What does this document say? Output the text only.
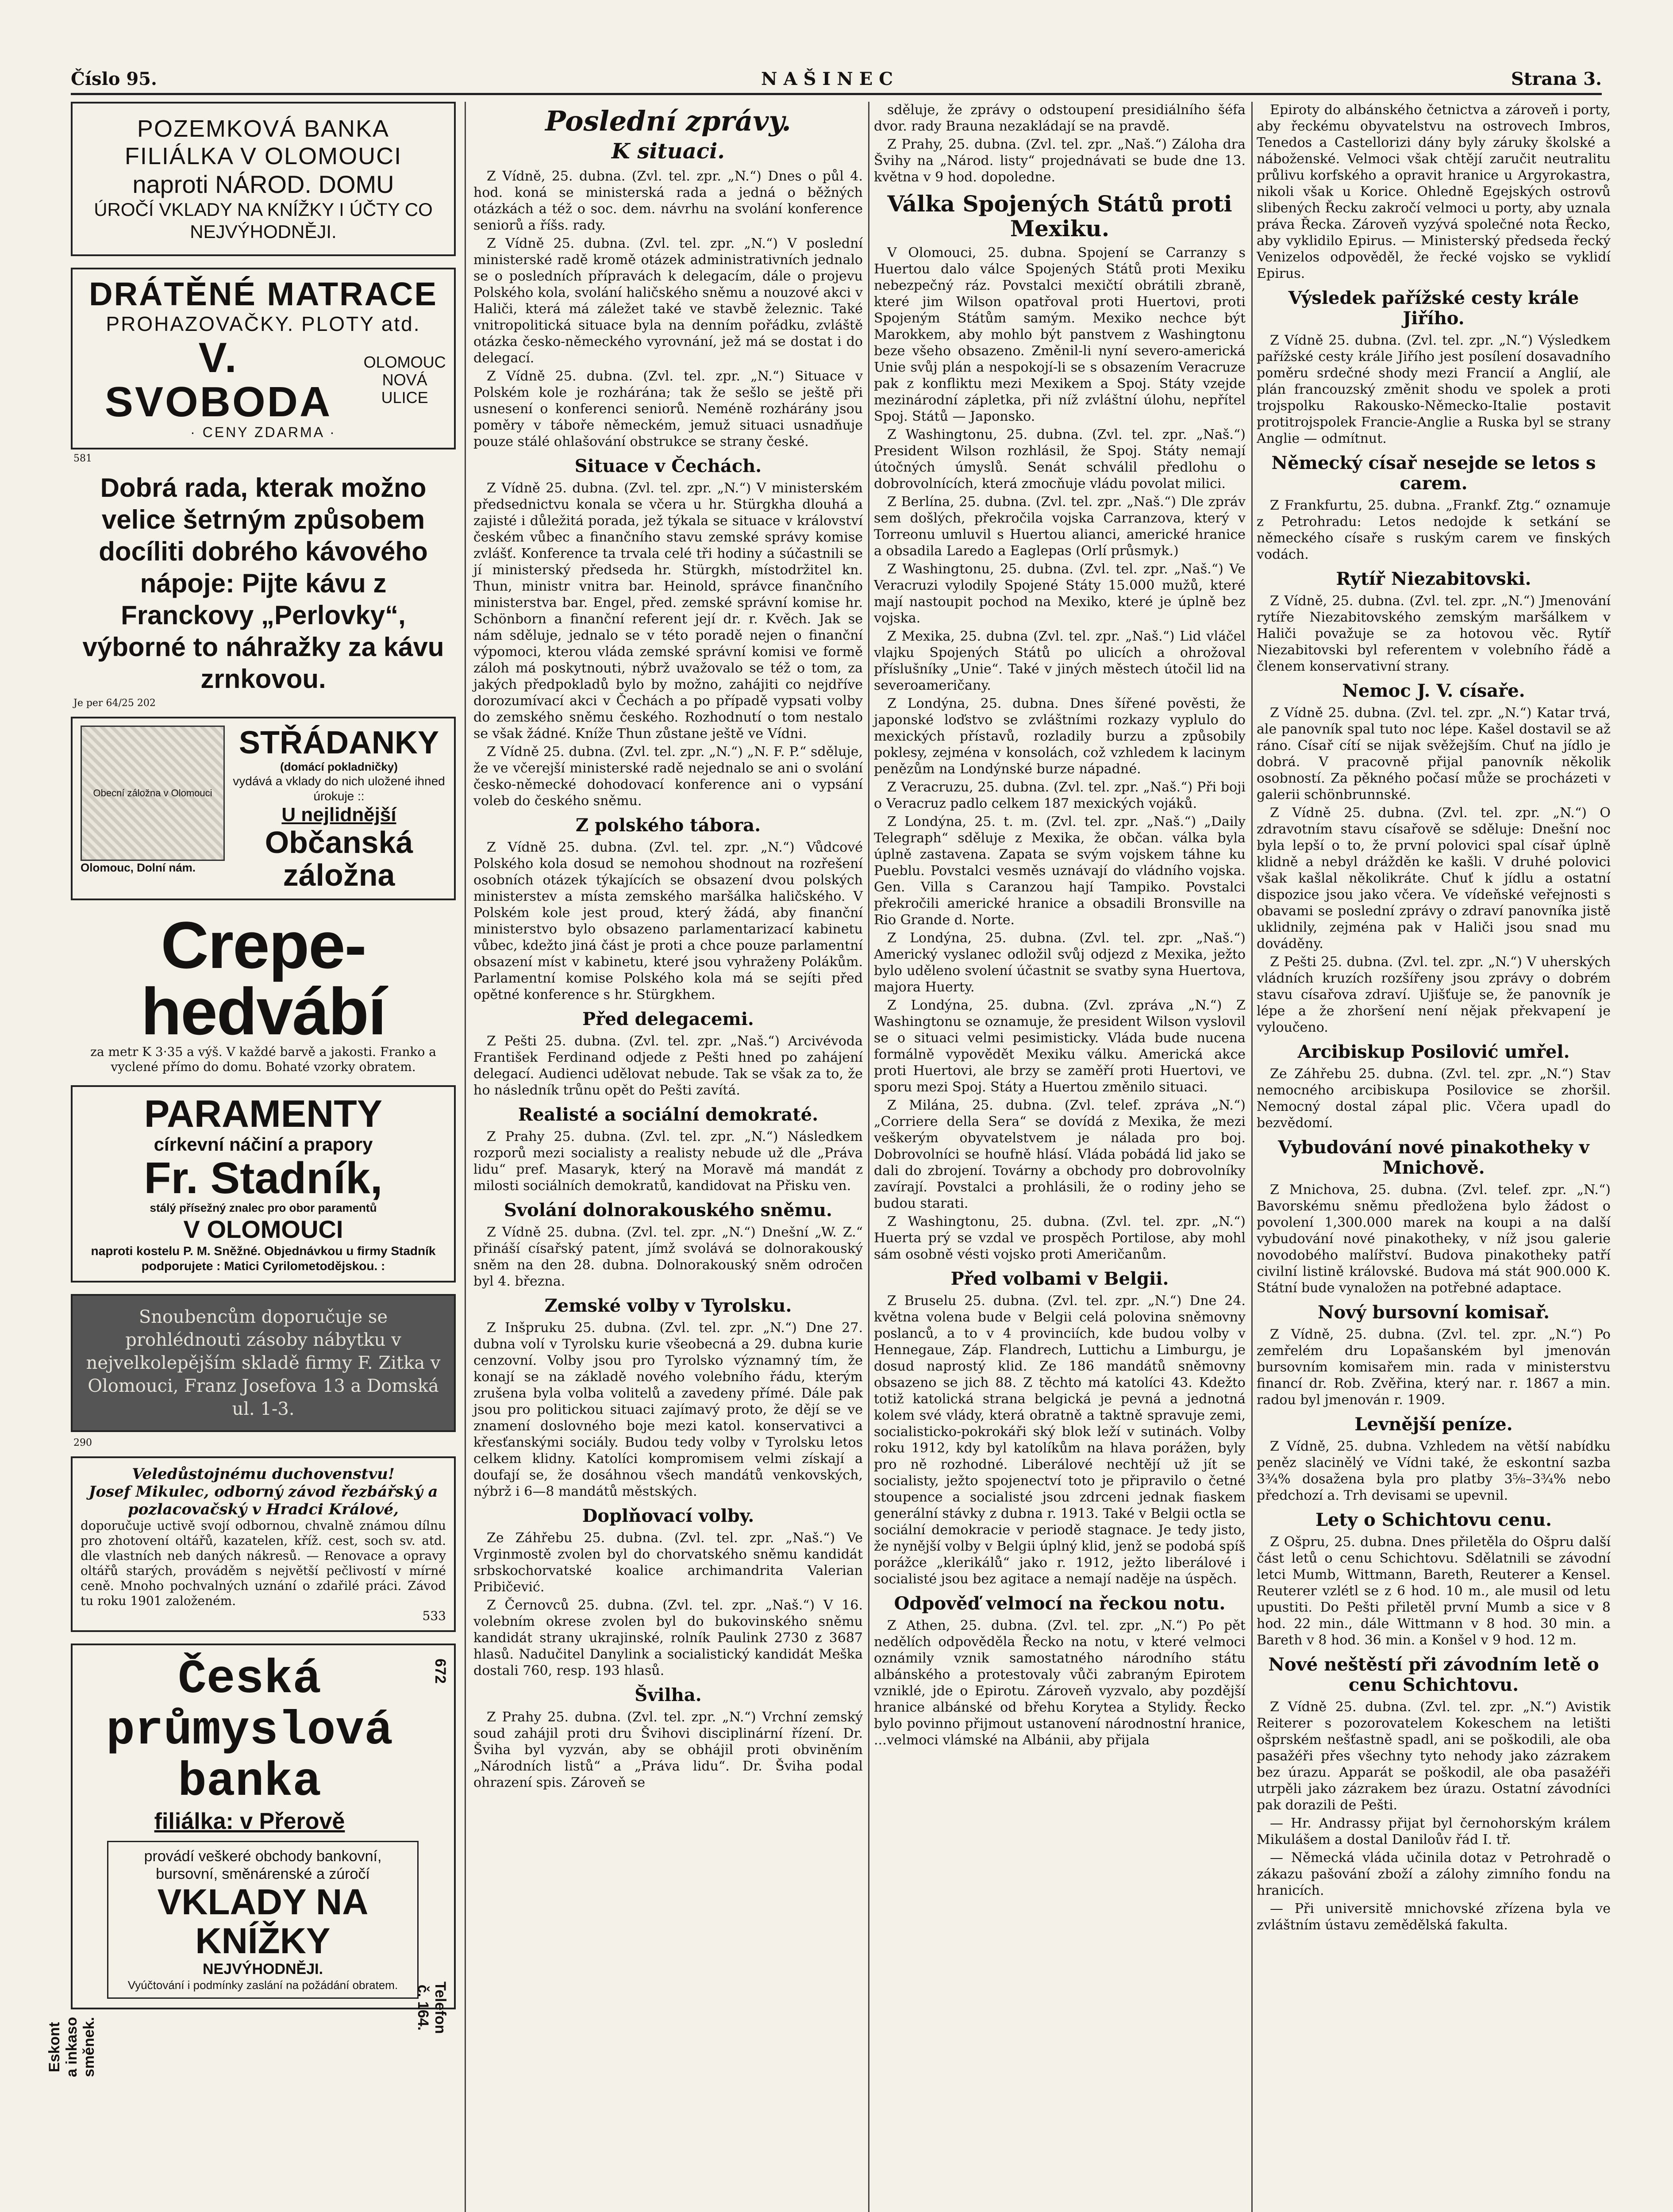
Číslo 95.	NAŠINEC	Strana 3.
POZEMKOVÁ BANKA
FILIÁLKA V OLOMOUCI
naproti NÁROD. DOMU
ÚROČÍ VKLADY NA KNÍŽKY I ÚČTY CO NEJVÝHODNĚJI.
DRÁTĚNÉ MATRACE
PROHAZOVAČKY. PLOTY atd.
V. SVOBODA
OLOMOUC NOVÁ ULICE
· CENY ZDARMA ·
581
Dobrá rada, kterak možno velice šetrným způsobem docíliti dobrého kávového nápoje: Pijte kávu z Franckovy „Perlovky“, výborné to náhražky za kávu zrnkovou.
Je per 64/25 202
Obecní záložna v Olomouci
Olomouc, Dolní nám.
STŘÁDANKY
(domácí pokladničky)
vydává a vklady do nich uložené ihned úrokuje ::
U nejlidnější
Občanská záložna
Crepe-hedvábí
za metr K 3·35 a výš. V každé barvě a jakosti. Franko a vyclené přímo do domu. Bohaté vzorky obratem.
PARAMENTY
církevní náčiní a prapory
Fr. Stadník,
stálý přísežný znalec pro obor paramentů
V OLOMOUCI
naproti kostelu P. M. Sněžné. Objednávkou u firmy Stadník podporujete : Matici Cyrilometodějskou. :
Snoubencům doporučuje se prohlédnouti zásoby nábytku v nejvelkolepějším skladě firmy F. Zitka v Olomouci, Franz Josefova 13 a Domská ul. 1-3.
290
Veledůstojnému duchovenstvu!
Josef Mikulec, odborný závod řezbářský a pozlacovačský v Hradci Králové,
doporučuje uctivě svojí odbornou, chvalně známou dílnu pro zhotovení oltářů, kazatelen, kříž. cest, soch sv. atd. dle vlastních neb daných nákresů. — Renovace a opravy oltářů starých, prováděm s největší pečlivostí v mírné ceně. Mnoho pochvalných uznání o zdařilé práci. Závod tu roku 1901 založeném.
533
Česká
průmyslová banka
filiálka: v Přerově
provádí veškeré obchody bankovní, bursovní, směnárenské a zúročí
VKLADY NA KNÍŽKY
NEJVÝHODNĚJI.
Vyúčtování i podmínky zaslání na požádání obratem.
672
Telefon č. 164.
Eskont a inkaso směnek.
Poslední zprávy.
K situaci.
Z Vídně, 25. dubna. (Zvl. tel. zpr. „N.“) Dnes o půl 4. hod. koná se ministerská rada a jedná o běžných otázkách a též o soc. dem. návrhu na svolání konference seniorů a říšs. rady.
Z Vídně 25. dubna. (Zvl. tel. zpr. „N.“) V poslední ministerské radě kromě otázek administrativních jednalo se o posledních přípravách k delegacím, dále o projevu Polského kola, svolání haličského sněmu a nouzové akci v Haliči, která má záležet také ve stavbě železnic. Také vnitropolitická situace byla na denním pořádku, zvláště otázka česko-německého vyrovnání, jež má se dostat i do delegací.
Z Vídně 25. dubna. (Zvl. tel. zpr. „N.“) Situace v Polském kole je rozhárána; tak že sešlo se ještě při usnesení o konferenci seniorů. Neméně rozhárány jsou poměry v táboře německém, jemuž situaci usnadňuje pouze stálé ohlašování obstrukce se strany české.
Situace v Čechách.
Z Vídně 25. dubna. (Zvl. tel. zpr. „N.“) V ministerském předsednictvu konala se včera u hr. Stürgkha dlouhá a zajisté i důležitá porada, jež týkala se situace v království českém vůbec a finančního stavu zemské správy komise zvlášť. Konference ta trvala celé tři hodiny a súčastnili se jí ministerský předseda hr. Stürgkh, místodržitel kn. Thun, ministr vnitra bar. Heinold, správce finančního ministerstva bar. Engel, před. zemské správní komise hr. Schönborn a finanční referent její dr. r. Kvěch. Jak se nám sděluje, jednalo se v této poradě nejen o finanční výpomoci, kterou vláda zemské správní komisi ve formě záloh má poskytnouti, nýbrž uvažovalo se též o tom, za jakých předpokladů bylo by možno, zahájiti co nejdříve dorozumívací akci v Čechách a po případě vypsati volby do zemského sněmu českého. Rozhodnutí o tom nestalo se však žádné. Kníže Thun zůstane ještě ve Vídni.
Z Vídně 25. dubna. (Zvl. tel. zpr. „N.“) „N. F. P.“ sděluje, že ve včerejší ministerské radě nejednalo se ani o svolání česko-německé dohodovací konference ani o vypsání voleb do českého sněmu.
Z polského tábora.
Z Vídně 25. dubna. (Zvl. tel. zpr. „N.“) Vůdcové Polského kola dosud se nemohou shodnout na rozřešení osobních otázek týkajících se obsazení dvou polských ministerstev a místa zemského maršálka haličského. V Polském kole jest proud, který žádá, aby finanční ministerstvo bylo obsazeno parlamentarizací kabinetu vůbec, kdežto jiná část je proti a chce pouze parlamentní obsazení míst v kabinetu, které jsou vyhraženy Polákům. Parlamentní komise Polského kola má se sejíti před opětné konference s hr. Stürgkhem.
Před delegacemi.
Z Pešti 25. dubna. (Zvl. tel. zpr. „Naš.“) Arcivévoda František Ferdinand odjede z Pešti hned po zahájení delegací. Audienci udělovat nebude. Tak se však za to, že ho následník trůnu opět do Pešti zavítá.
Realisté a sociální demokraté.
Z Prahy 25. dubna. (Zvl. tel. zpr. „N.“) Následkem rozporů mezi socialisty a realisty nebude už dle „Práva lidu“ pref. Masaryk, který na Moravě má mandát z milosti sociálních demokratů, kandidovat na Přisku ven.
Svolání dolnorakouského sněmu.
Z Vídně 25. dubna. (Zvl. tel. zpr. „N.“) Dnešní „W. Z.“ přináší císařský patent, jímž svolává se dolnorakouský sněm na den 28. dubna. Dolnorakouský sněm odročen byl 4. března.
Zemské volby v Tyrolsku.
Z Inšpruku 25. dubna. (Zvl. tel. zpr. „N.“) Dne 27. dubna volí v Tyrolsku kurie všeobecná a 29. dubna kurie cenzovní. Volby jsou pro Tyrolsko významný tím, že konají se na základě nového volebního řádu, kterým zrušena byla volba volitelů a zavedeny přímé. Dále pak jsou pro politickou situaci zajímavý proto, že dějí se ve znamení doslovného boje mezi katol. konservativci a křesťanskými sociály. Budou tedy volby v Tyrolsku letos celkem klidny. Katolíci kompromisem velmi získají a doufají se, že dosáhnou všech mandátů venkovských, nýbrž i 6—8 mandátů městských.
Doplňovací volby.
Ze Záhřebu 25. dubna. (Zvl. tel. zpr. „Naš.“) Ve Vrginmostě zvolen byl do chorvatského sněmu kandidát srbskochorvatské koalice archimandrita Valerian Pribičević.
Z Černovců 25. dubna. (Zvl. tel. zpr. „Naš.“) V 16. volebním okrese zvolen byl do bukovinského sněmu kandidát strany ukrajinské, rolník Paulink 2730 z 3687 hlasů. Nadučitel Danylink a socialistický kandidát Meška dostali 760, resp. 193 hlasů.
Švilha.
Z Prahy 25. dubna. (Zvl. tel. zpr. „N.“) Vrchní zemský soud zahájil proti dru Švihovi disciplinární řízení. Dr. Šviha byl vyzván, aby se obhájil proti obviněním „Národních listů“ a „Práva lidu“. Dr. Šviha podal ohrazení spis. Zároveň se
sděluje, že zprávy o odstoupení presidiálního šéfa dvor. rady Brauna nezakládají se na pravdě.
Z Prahy, 25. dubna. (Zvl. tel. zpr. „Naš.“) Záloha dra Švihy na „Národ. listy“ projednávati se bude dne 13. května v 9 hod. dopoledne.
Válka Spojených Států proti Mexiku.
V Olomouci, 25. dubna. Spojení se Carranzy s Huertou dalo válce Spojených Států proti Mexiku nebezpečný ráz. Povstalci mexičtí obrátili zbraně, které jim Wilson opatřoval proti Huertovi, proti Spojeným Státům samým. Mexiko nechce být Marokkem, aby mohlo být panstvem z Washingtonu beze všeho obsazeno. Změnil-li nyní severo-americká Unie svůj plán a nespokojí-li se s obsazením Veracruze pak z konfliktu mezi Mexikem a Spoj. Státy vzejde mezinárodní zápletka, při níž zvláštní úlohu, nepřítel Spoj. Států — Japonsko.
Z Washingtonu, 25. dubna. (Zvl. tel. zpr. „Naš.“) President Wilson rozhlásil, že Spoj. Státy nemají útočných úmyslů. Senát schválil předlohu o dobrovolnících, která zmocňuje vládu povolat milici.
Z Berlína, 25. dubna. (Zvl. tel. zpr. „Naš.“) Dle zpráv sem došlých, překročila vojska Carranzova, který v Torreonu umluvil s Huertou alianci, americké hranice a obsadila Laredo a Eaglepas (Orlí průsmyk.)
Z Washingtonu, 25. dubna. (Zvl. tel. zpr. „Naš.“) Ve Veracruzi vylodily Spojené Státy 15.000 mužů, které mají nastoupit pochod na Mexiko, které je úplně bez vojska.
Z Mexika, 25. dubna (Zvl. tel. zpr. „Naš.“) Lid vláčel vlajku Spojených Států po ulicích a ohrožoval příslušníky „Unie“. Také v jiných městech útočil lid na severoameričany.
Z Londýna, 25. dubna. Dnes šířené pověsti, že japonské loďstvo se zvláštními rozkazy vyplulo do mexických přístavů, rozladily burzu a způsobily poklesy, zejména v konsolách, což vzhledem k lacinym penězům na Londýnské burze nápadné.
Z Veracruzu, 25. dubna. (Zvl. tel. zpr. „Naš.“) Při boji o Veracruz padlo celkem 187 mexických vojáků.
Z Londýna, 25. t. m. (Zvl. tel. zpr. „Naš.“) „Daily Telegraph“ sděluje z Mexika, že občan. válka byla úplně zastavena. Zapata se svým vojskem táhne ku Pueblu. Povstalci vesměs uznávají do vládního vojska. Gen. Villa s Caranzou hají Tampiko. Povstalci překročili americké hranice a obsadili Bronsville na Rio Grande d. Norte.
Z Londýna, 25. dubna. (Zvl. tel. zpr. „Naš.“) Americký vyslanec odložil svůj odjezd z Mexika, ježto bylo uděleno svolení účastnit se svatby syna Huertova, majora Huerty.
Z Londýna, 25. dubna. (Zvl. zpráva „N.“) Z Washingtonu se oznamuje, že president Wilson vyslovil se o situaci velmi pesimisticky. Vláda bude nucena formálně vypovědět Mexiku válku. Americká akce proti Huertovi, ale brzy se zaměří proti Huertovi, ve sporu mezi Spoj. Státy a Huertou změnilo situaci.
Z Milána, 25. dubna. (Zvl. telef. zpráva „N.“) „Corriere della Sera“ se dovídá z Mexika, že mezi veškerým obyvatelstvem je nálada pro boj. Dobrovolníci se houfně hlásí. Vláda pobádá lid jako se dali do zbrojení. Továrny a obchody pro dobrovolníky zavírají. Povstalci a prohlásili, že o rodiny jeho se budou starati.
Z Washingtonu, 25. dubna. (Zvl. tel. zpr. „N.“) Huerta prý se vzdal ve prospěch Portilose, aby mohl sám osobně vésti vojsko proti Američanům.
Před volbami v Belgii.
Z Bruselu 25. dubna. (Zvl. tel. zpr. „N.“) Dne 24. května volena bude v Belgii celá polovina sněmovny poslanců, a to v 4 provinciích, kde budou volby v Hennegaue, Záp. Flandrech, Luttichu a Limburgu, je dosud naprostý klid. Ze 186 mandátů sněmovny obsazeno se jich 88. Z těchto má katolíci 43. Kdežto totiž katolická strana belgická je pevná a jednotná kolem své vlády, která obratně a taktně spravuje zemi, socialisticko-pokrokáři ský blok leží v sutinách. Volby roku 1912, kdy byl katolíkům na hlava porážen, byly pro ně rozhodné. Liberálové nechtějí už jít se socialisty, ježto spojenectví toto je připravilo o četné stoupence a socialisté jsou zdrceni jednak fiaskem generální stávky z dubna r. 1913. Také v Belgii octla se sociální demokracie v periodě stagnace. Je tedy jisto, že nynější volby v Belgii úplný klid, jenž se podobá spíš porážce „klerikálů“ jako r. 1912, ježto liberálové i socialisté jsou bez agitace a nemají naděje na úspěch.
Odpověď velmocí na řeckou notu.
Z Athen, 25. dubna. (Zvl. tel. zpr. „N.“) Po pět nedělích odpověděla Řecko na notu, v které velmoci oznámily vznik samostatného národního státu albánského a protestovaly vůči zabraným Epirotem vzniklé, jde o Epirotu. Zároveň vyzvalo, aby pozdější hranice albánské od břehu Korytea a Stylidy. Řecko bylo povinno přijmout ustanovení národnostní hranice, ...velmoci vlámské na Albánii, aby přijala
Epiroty do albánského četnictva a zároveň i porty, aby řeckému obyvatelstvu na ostrovech Imbros, Tenedos a Castellorizi dány byly záruky školské a náboženské. Velmoci však chtějí zaručit neutralitu průlivu korfského a opravit hranice u Argyrokastra, nikoli však u Korice. Ohledně Egejských ostrovů slibených Řecku zakročí velmoci u porty, aby uznala práva Řecka. Zároveň vyzývá společné nota Řecko, aby vyklidilo Epirus. — Ministerský předseda řecký Venizelos odpověděl, že řecké vojsko se vyklidí Epirus.
Výsledek pařížské cesty krále Jiřího.
Z Vídně 25. dubna. (Zvl. tel. zpr. „N.“) Výsledkem pařížské cesty krále Jiřího jest posílení dosavadního poměru srdečné shody mezi Francií a Anglií, ale plán francouzský změnit shodu ve spolek a proti trojspolku Rakousko-Německo-Italie postavit protitrojspolek Francie-Anglie a Ruska byl se strany Anglie — odmítnut.
Německý císař nesejde se letos s carem.
Z Frankfurtu, 25. dubna. „Frankf. Ztg.“ oznamuje z Petrohradu: Letos nedojde k setkání se německého císaře s ruským carem ve finských vodách.
Rytíř Niezabitovski.
Z Vídně, 25. dubna. (Zvl. tel. zpr. „N.“) Jmenování rytíře Niezabitovského zemským maršálkem v Haliči považuje se za hotovou věc. Rytíř Niezabitovski byl referentem v volebního řádě a členem konservativní strany.
Nemoc J. V. císaře.
Z Vídně 25. dubna. (Zvl. tel. zpr. „N.“) Katar trvá, ale panovník spal tuto noc lépe. Kašel dostavil se až ráno. Císař cítí se nijak svěžejším. Chuť na jídlo je dobrá. V pracovně přijal panovník několik osobností. Za pěkného počasí může se procházeti v galerii schönbrunnské.
Z Vídně 25. dubna. (Zvl. tel. zpr. „N.“) O zdravotním stavu císařově se sděluje: Dnešní noc byla lepší o to, že první polovici spal císař úplně klidně a nebyl drážděn ke kašli. V druhé polovici však kašlal několikráte. Chuť k jídlu a ostatní dispozice jsou jako včera. Ve vídeňské veřejnosti s obavami se poslední zprávy o zdraví panovníka jistě uklidnily, zejména pak v Haliči jsou snad mu dováděny.
Z Pešti 25. dubna. (Zvl. tel. zpr. „N.“) V uherských vládních kruzích rozšířeny jsou zprávy o dobrém stavu císařova zdraví. Ujišťuje se, že panovník je lépe a že zhoršení není nějak překvapení je vyloučeno.
Arcibiskup Posilović umřel.
Ze Záhřebu 25. dubna. (Zvl. tel. zpr. „N.“) Stav nemocného arcibiskupa Posilovice se zhoršil. Nemocný dostal zápal plic. Včera upadl do bezvědomí.
Vybudování nové pinakotheky v Mnichově.
Z Mnichova, 25. dubna. (Zvl. telef. zpr. „N.“) Bavorskému sněmu předložena bylo žádost o povolení 1,300.000 marek na koupi a na další vybudování nové pinakotheky, v níž jsou galerie novodobého malířství. Budova pinakotheky patří civilní listině královské. Budova má stát 900.000 K. Státní bude vynaložen na potřebné adaptace.
Nový bursovní komisař.
Z Vídně, 25. dubna. (Zvl. tel. zpr. „N.“) Po zemřelém dru Lopašanském byl jmenován bursovním komisařem min. rada v ministerstvu financí dr. Rob. Zvěřina, který nar. r. 1867 a min. radou byl jmenován r. 1909.
Levnější peníze.
Z Vídně, 25. dubna. Vzhledem na větší nabídku peněz slacinělý ve Vídni také, že eskontní sazba 3¾% dosažena byla pro platby 3⅝–3¾% nebo předchozí a. Trh devisami se upevnil.
Lety o Schichtovu cenu.
Z Ošpru, 25. dubna. Dnes přiletěla do Ošpru další část letů o cenu Schichtovu. Sdělatnili se závodní letci Mumb, Wittmann, Bareth, Reuterer a Kensel. Reuterer vzlétl se z 6 hod. 10 m., ale musil od letu upustiti. Do Pešti přiletěl první Mumb a sice v 8 hod. 22 min., dále Wittmann v 8 hod. 30 min. a Bareth v 8 hod. 36 min. a Konšel v 9 hod. 12 m.
Nové neštěstí při závodním letě o cenu Schichtovu.
Z Vídně 25. dubna. (Zvl. tel. zpr. „N.“) Avistik Reiterer s pozorovatelem Kokeschem na letišti ošprském nešťastně spadl, ani se poškodili, ale oba pasažéři přes všechny tyto nehody jako zázrakem bez úrazu. Apparát se poškodil, ale oba pasažéři utrpěli jako zázrakem bez úrazu. Ostatní závodníci pak dorazili de Pešti.
— Hr. Andrassy přijat byl černohorským králem Mikulášem a dostal Daniloův řád I. tř.
— Německá vláda učinila dotaz v Petrohradě o zákazu pašování zboží a zálohy zimního fondu na hranicích.
— Při universitě mnichovské zřízena byla ve zvláštním ústavu zemědělská fakulta.
